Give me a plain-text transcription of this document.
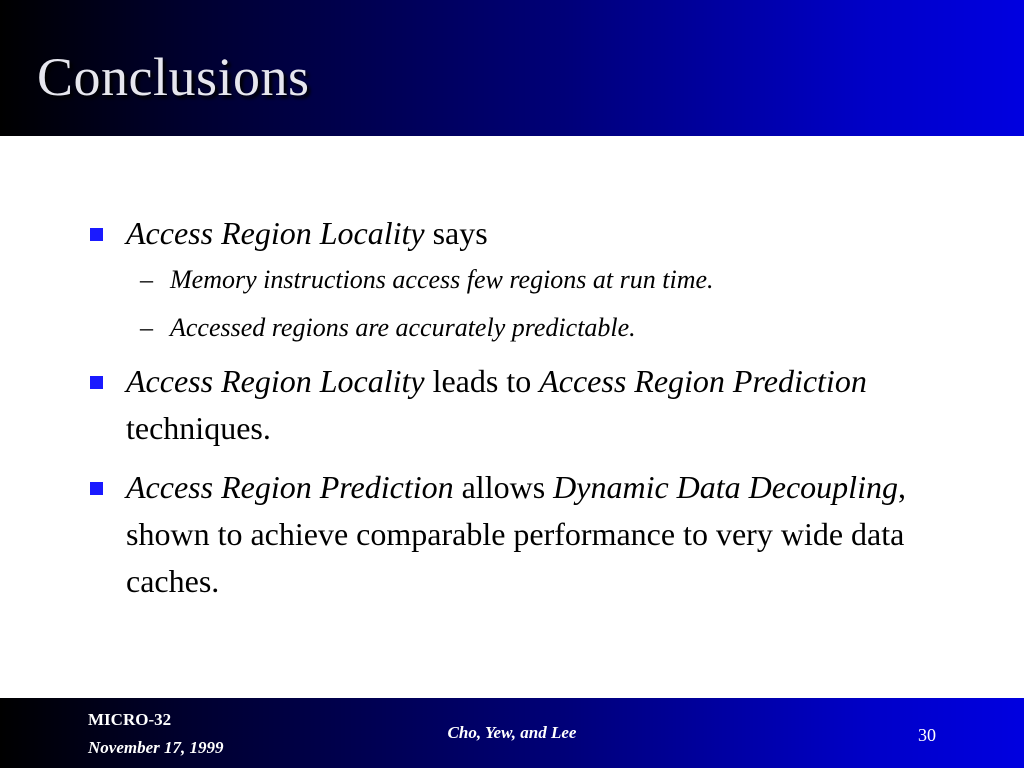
Conclusions
Access Region Locality says
– Memory instructions access few regions at run time.
– Accessed regions are accurately predictable.
Access Region Locality leads to Access Region Prediction techniques.
Access Region Prediction allows Dynamic Data Decoupling, shown to achieve comparable performance to very wide data caches.
MICRO-32
November 17, 1999
Cho, Yew, and Lee	30
